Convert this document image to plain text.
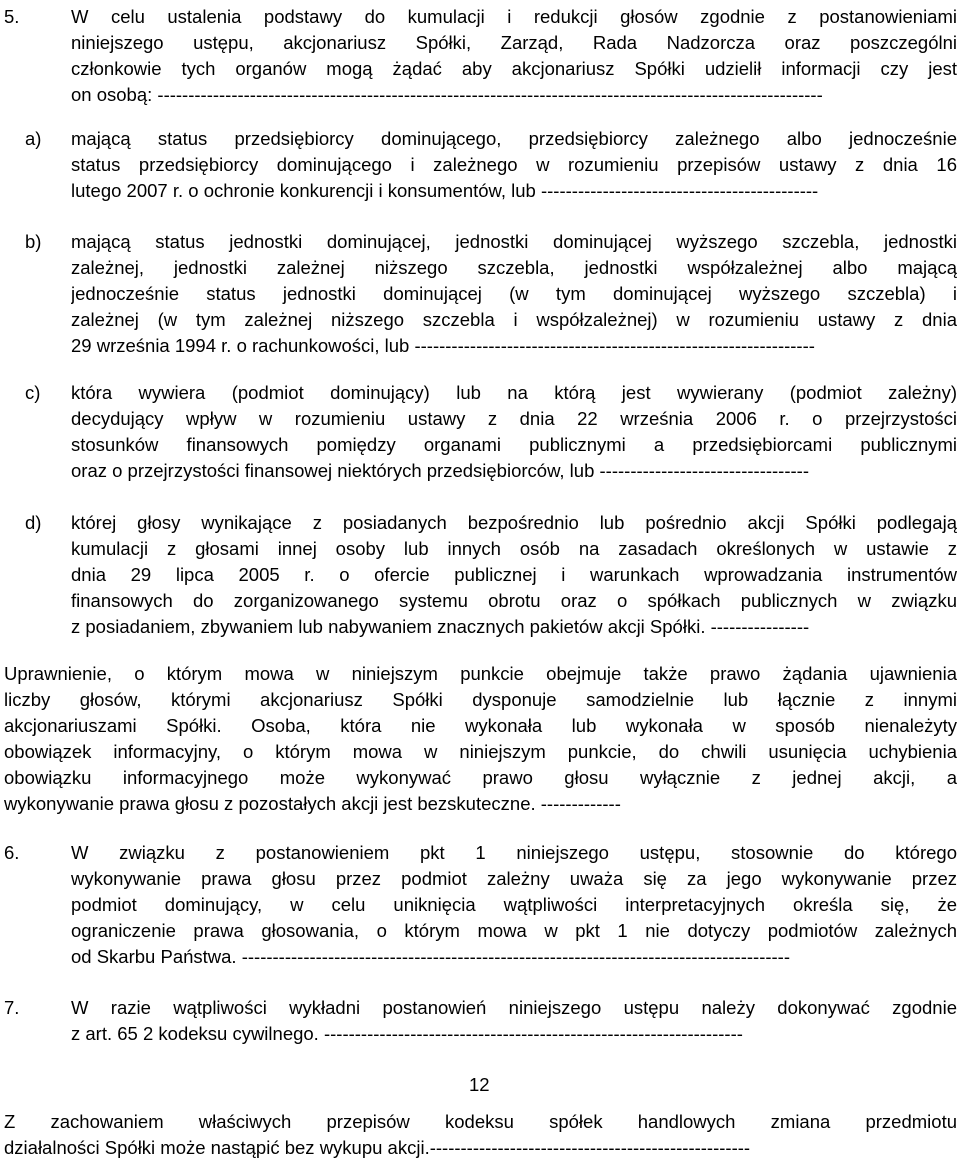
5.	W celu ustalenia podstawy do kumulacji i redukcji głosów zgodnie z postanowieniami
niniejszego ustępu, akcjonariusz Spółki, Zarząd, Rada Nadzorcza oraz poszczególni
członkowie tych organów mogą żądać aby akcjonariusz Spółki udzielił informacji czy jest
on osobą: ------------------------------------------------------------------------------------------------------------
a) mającą status przedsiębiorcy dominującego, przedsiębiorcy zależnego albo jednocześnie
status przedsiębiorcy dominującego i zależnego w rozumieniu przepisów ustawy z dnia 16
lutego 2007 r. o ochronie konkurencji i konsumentów, lub ---------------------------------------------
b) mającą status jednostki dominującej, jednostki dominującej wyższego szczebla, jednostki
zależnej, jednostki zależnej niższego szczebla, jednostki współzależnej albo mającą
jednocześnie status jednostki dominującej (w tym dominującej wyższego szczebla) i
zależnej (w tym zależnej niższego szczebla i współzależnej) w rozumieniu ustawy z dnia
29 września 1994 r. o rachunkowości, lub -----------------------------------------------------------------
c) która wywiera (podmiot dominujący) lub na którą jest wywierany (podmiot zależny)
decydujący wpływ w rozumieniu ustawy z dnia 22 września 2006 r. o przejrzystości
stosunków finansowych pomiędzy organami publicznymi a przedsiębiorcami publicznymi
oraz o przejrzystości finansowej niektórych przedsiębiorców, lub ----------------------------------
d) której głosy wynikające z posiadanych bezpośrednio lub pośrednio akcji Spółki podlegają
kumulacji z głosami innej osoby lub innych osób na zasadach określonych w ustawie z
dnia 29 lipca 2005 r. o ofercie publicznej i warunkach wprowadzania instrumentów
finansowych do zorganizowanego systemu obrotu oraz o spółkach publicznych w związku
z posiadaniem, zbywaniem lub nabywaniem znacznych pakietów akcji Spółki. ----------------
Uprawnienie, o którym mowa w niniejszym punkcie obejmuje także prawo żądania ujawnienia
liczby głosów, którymi akcjonariusz Spółki dysponuje samodzielnie lub łącznie z innymi
akcjonariuszami Spółki. Osoba, która nie wykonała lub wykonała w sposób nienależyty
obowiązek informacyjny, o którym mowa w niniejszym punkcie, do chwili usunięcia uchybienia
obowiązku informacyjnego może wykonywać prawo głosu wyłącznie z jednej akcji, a
wykonywanie prawa głosu z pozostałych akcji jest bezskuteczne. -------------
6.	W związku z postanowieniem pkt 1 niniejszego ustępu, stosownie do którego
wykonywanie prawa głosu przez podmiot zależny uważa się za jego wykonywanie przez
podmiot dominujący, w celu uniknięcia wątpliwości interpretacyjnych określa się, że
ograniczenie prawa głosowania, o którym mowa w pkt 1 nie dotyczy podmiotów zależnych
od Skarbu Państwa. -----------------------------------------------------------------------------------------
7.	W razie wątpliwości wykładni postanowień niniejszego ustępu należy dokonywać zgodnie
z art. 65 2 kodeksu cywilnego. --------------------------------------------------------------------
12
Z zachowaniem właściwych przepisów kodeksu spółek handlowych zmiana przedmiotu
działalności Spółki może nastąpić bez wykupu akcji.----------------------------------------------------
